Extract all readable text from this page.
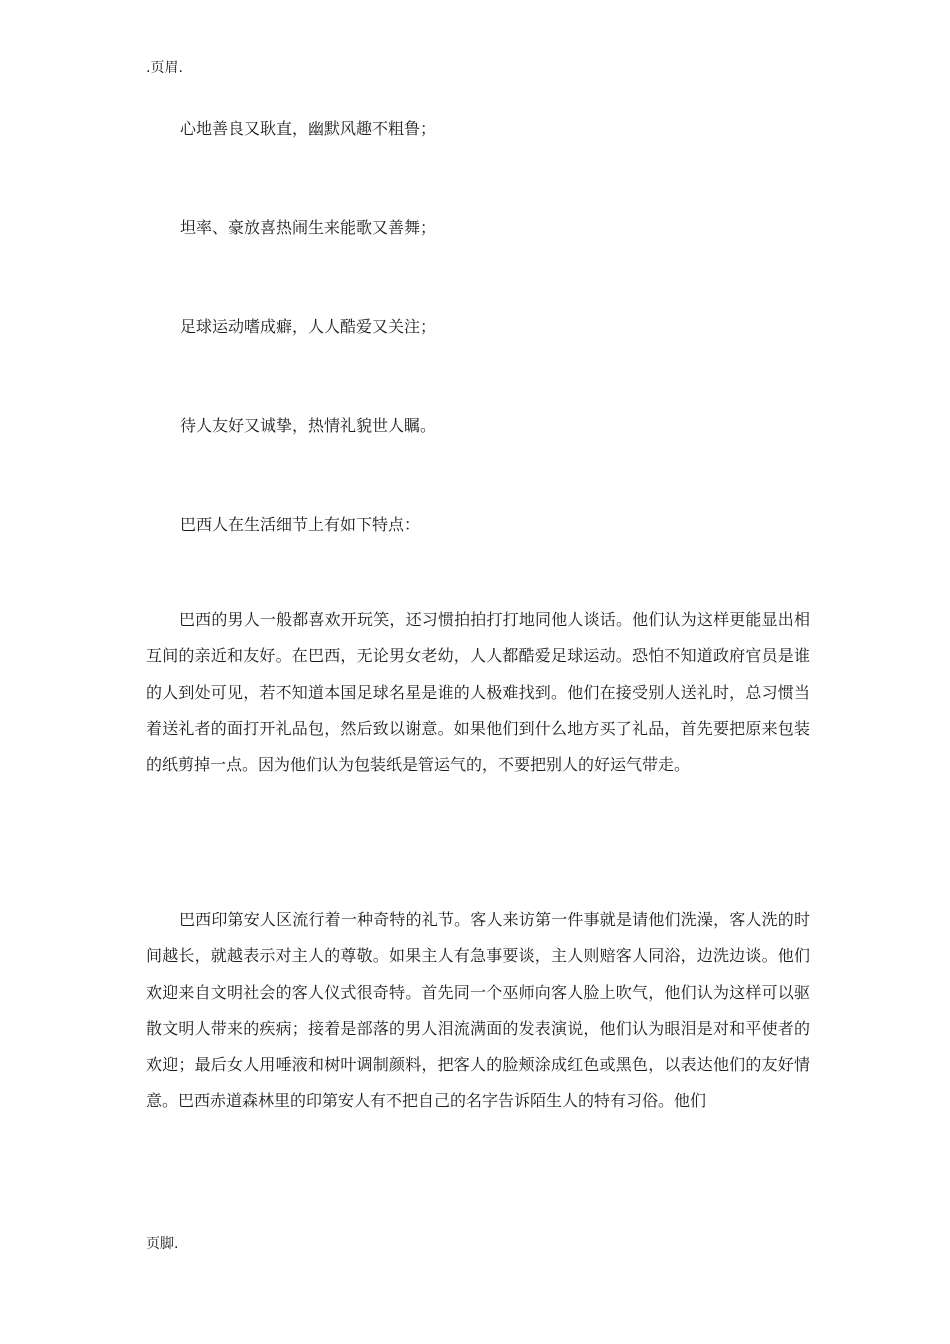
.页眉.
心地善良又耿直，幽默风趣不粗鲁；
坦率、豪放喜热闹生来能歌又善舞；
足球运动嗜成癖，人人酷爱又关注；
待人友好又诚挚，热情礼貌世人瞩。
巴西人在生活细节上有如下特点：
巴西的男人一般都喜欢开玩笑，还习惯拍拍打打地同他人谈话。他们认为这样更能显出相互间的亲近和友好。在巴西，无论男女老幼，人人都酷爱足球运动。恐怕不知道政府官员是谁的人到处可见，若不知道本国足球名星是谁的人极难找到。他们在接受别人送礼时，总习惯当着送礼者的面打开礼品包，然后致以谢意。如果他们到什么地方买了礼品，首先要把原来包装的纸剪掉一点。因为他们认为包装纸是管运气的，不要把别人的好运气带走。
巴西印第安人区流行着一种奇特的礼节。客人来访第一件事就是请他们洗澡，客人洗的时间越长，就越表示对主人的尊敬。如果主人有急事要谈，主人则赔客人同浴，边洗边谈。他们欢迎来自文明社会的客人仪式很奇特。首先同一个巫师向客人脸上吹气，他们认为这样可以驱散文明人带来的疾病；接着是部落的男人泪流满面的发表演说，他们认为眼泪是对和平使者的欢迎；最后女人用唾液和树叶调制颜料，把客人的脸颊涂成红色或黑色，以表达他们的友好情意。巴西赤道森林里的印第安人有不把自己的名字告诉陌生人的特有习俗。他们
页脚.
